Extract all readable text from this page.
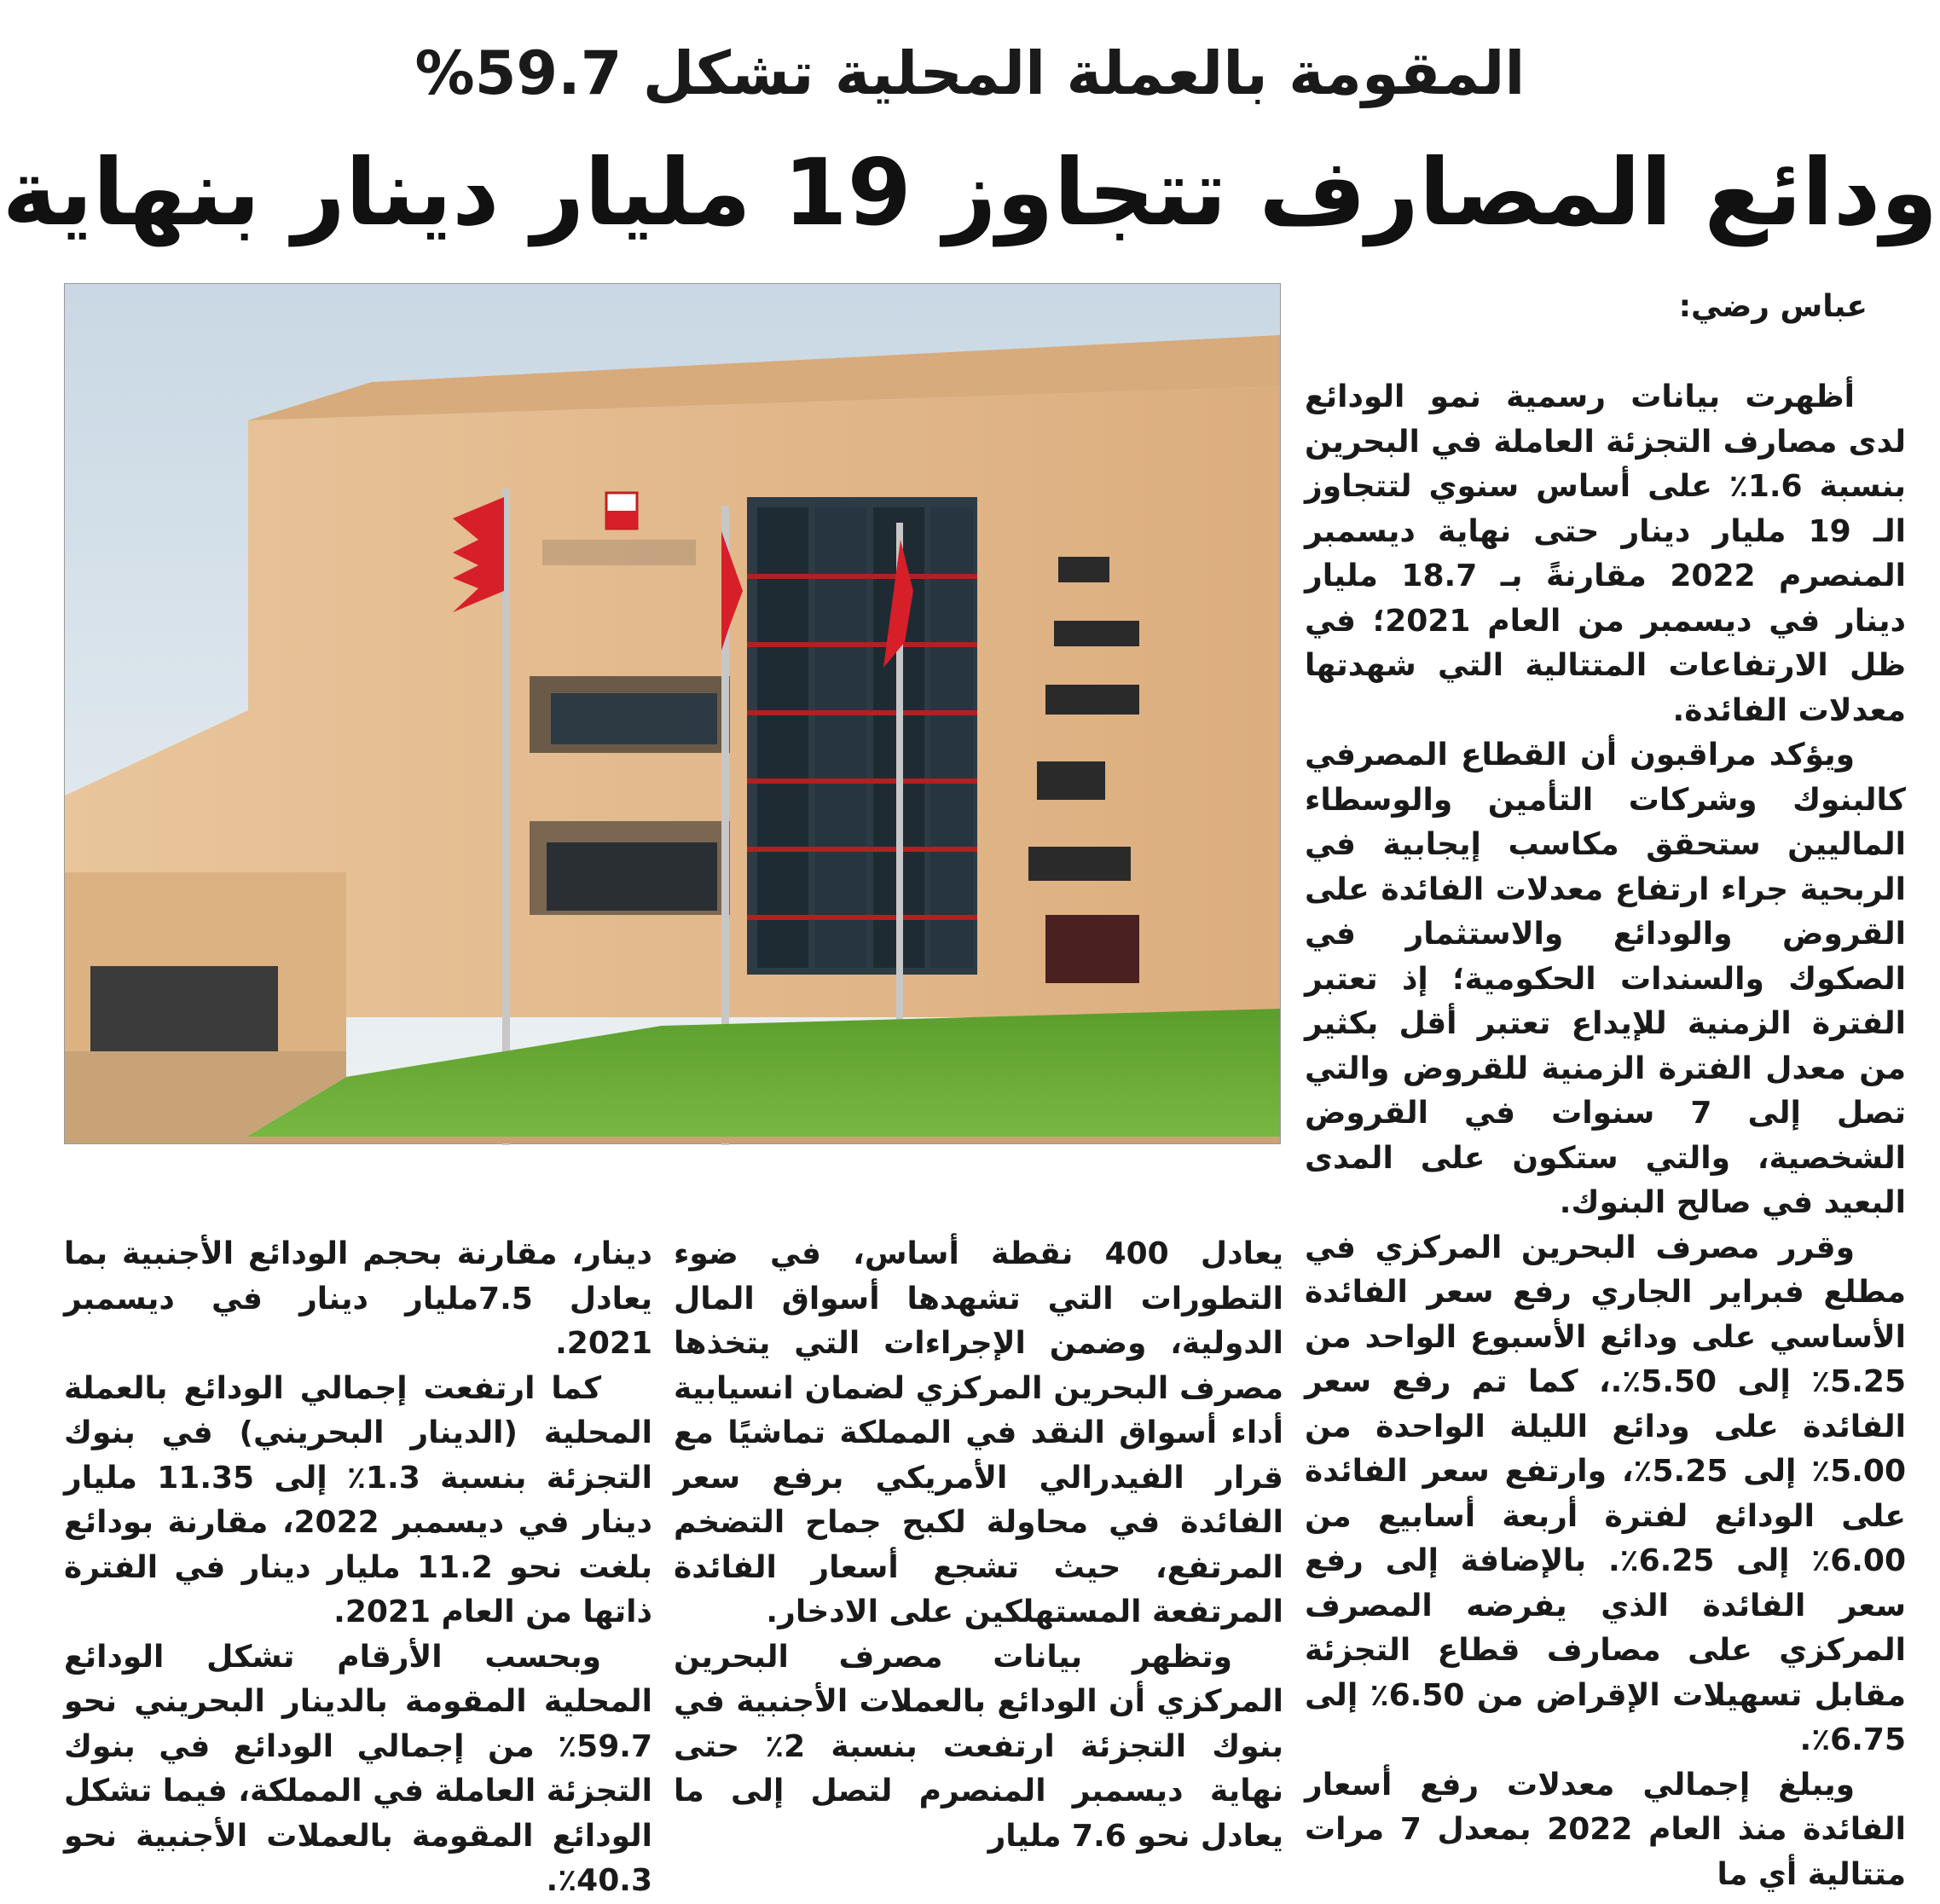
المقومة بالعملة المحلية تشكل 59.7%
ودائع المصارف تتجاوز 19 مليار دينار بنهاية
عباس رضي:

أظهرت بيانات رسمية نمو الودائع لدى مصارف التجزئة العاملة في البحرين بنسبة 1.6٪ على أساس سنوي لتتجاوز الـ 19 مليار دينار حتى نهاية ديسمبر المنصرم 2022 مقارنةً بـ 18.7 مليار دينار في ديسمبر من العام 2021؛ في ظل الارتفاعات المتتالية التي شهدتها معدلات الفائدة.

ويؤكد مراقبون أن القطاع المصرفي كالبنوك وشركات التأمين والوسطاء الماليين ستحقق مكاسب إيجابية في الربحية جراء ارتفاع معدلات الفائدة على القروض والودائع والاستثمار في الصكوك والسندات الحكومية؛ إذ تعتبر الفترة الزمنية للإيداع تعتبر أقل بكثير من معدل الفترة الزمنية للقروض والتي تصل إلى 7 سنوات في القروض الشخصية، والتي ستكون على المدى البعيد في صالح البنوك.

وقرر مصرف البحرين المركزي في مطلع فبراير الجاري رفع سعر الفائدة الأساسي على ودائع الأسبوع الواحد من 5.25٪ إلى 5.50٪.، كما تم رفع سعر الفائدة على ودائع الليلة الواحدة من 5.00٪ إلى 5.25٪، وارتفع سعر الفائدة على الودائع لفترة أربعة أسابيع من 6.00٪ إلى 6.25٪. بالإضافة إلى رفع سعر الفائدة الذي يفرضه المصرف المركزي على مصارف قطاع التجزئة مقابل تسهيلات الإقراض من 6.50٪ إلى 6.75٪.

ويبلغ إجمالي معدلات رفع أسعار الفائدة منذ العام 2022 بمعدل 7 مرات متتالية أي ما

يعادل 400 نقطة أساس، في ضوء التطورات التي تشهدها أسواق المال الدولية، وضمن الإجراءات التي يتخذها مصرف البحرين المركزي لضمان انسيابية أداء أسواق النقد في المملكة تماشيًا مع قرار الفيدرالي الأمريكي برفع سعر الفائدة في محاولة لكبح جماح التضخم المرتفع، حيث تشجع أسعار الفائدة المرتفعة المستهلكين على الادخار.

وتظهر بيانات مصرف البحرين المركزي أن الودائع بالعملات الأجنبية في بنوك التجزئة ارتفعت بنسبة 2٪ حتى نهاية ديسمبر المنصرم لتصل إلى ما يعادل نحو 7.6 مليار

دينار، مقارنة بحجم الودائع الأجنبية بما يعادل 7.5مليار دينار في ديسمبر 2021.

كما ارتفعت إجمالي الودائع بالعملة المحلية (الدينار البحريني) في بنوك التجزئة بنسبة 1.3٪ إلى 11.35 مليار دينار في ديسمبر 2022، مقارنة بودائع بلغت نحو 11.2 مليار دينار في الفترة ذاتها من العام 2021.

وبحسب الأرقام تشكل الودائع المحلية المقومة بالدينار البحريني نحو 59.7٪ من إجمالي الودائع في بنوك التجزئة العاملة في المملكة، فيما تشكل الودائع المقومة بالعملات الأجنبية نحو 40.3٪.
